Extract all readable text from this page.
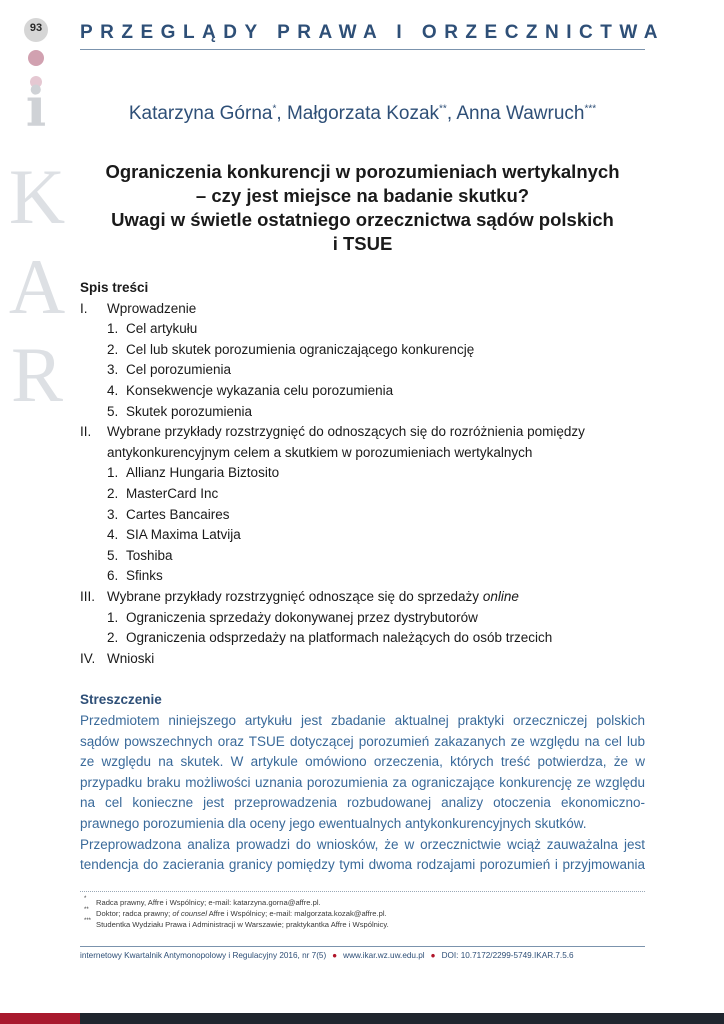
93
i
K
A
R
PRZEGLĄDY PRAWA I ORZECZNICTWA
Katarzyna Górna*, Małgorzata Kozak**, Anna Wawruch***
Ograniczenia konkurencji w porozumieniach wertykalnych
– czy jest miejsce na badanie skutku?
Uwagi w świetle ostatniego orzecznictwa sądów polskich
i TSUE
Spis treści
I. Wprowadzenie
1. Cel artykułu
2. Cel lub skutek porozumienia ograniczającego konkurencję
3. Cel porozumienia
4. Konsekwencje wykazania celu porozumienia
5. Skutek porozumienia
II. Wybrane przykłady rozstrzygnięć do odnoszących się do rozróżnienia pomiędzy
antykonkurencyjnym celem a skutkiem w porozumieniach wertykalnych
1. Allianz Hungaria Biztosito
2. MasterCard Inc
3. Cartes Bancaires
4. SIA Maxima Latvija
5. Toshiba
6. Sfinks
III. Wybrane przykłady rozstrzygnięć odnoszące się do sprzedaży online
1. Ograniczenia sprzedaży dokonywanej przez dystrybutorów
2. Ograniczenia odsprzedaży na platformach należących do osób trzecich
IV. Wnioski
Streszczenie

Przedmiotem niniejszego artykułu jest zbadanie aktualnej praktyki orzeczniczej polskich sądów powszechnych oraz TSUE dotyczącej porozumień zakazanych ze względu na cel lub ze względu na skutek. W artykule omówiono orzeczenia, których treść potwierdza, że w przypadku braku możliwości uznania porozumienia za ograniczające konkurencję ze względu na cel konieczne jest przeprowadzenia rozbudowanej analizy otoczenia ekonomiczno-prawnego porozumienia dla oceny jego ewentualnych antykonkurencyjnych skutków.

Przeprowadzona analiza prowadzi do wniosków, że w orzecznictwie wciąż zauważalna jest tendencja do zacierania granicy pomiędzy tymi dwoma rodzajami porozumień i przyjmowania

* Radca prawny, Affre i Wspólnicy; e-mail: katarzyna.gorna@affre.pl.
** Doktor; radca prawny; of counsel Affre i Wspólnicy; e-mail: malgorzata.kozak@affre.pl.
*** Studentka Wydziału Prawa i Administracji w Warszawie; praktykantka Affre i Wspólnicy.
internetowy Kwartalnik Antymonopolowy i Regulacyjny 2016, nr 7(5) ● www.ikar.wz.uw.edu.pl ● DOI: 10.7172/2299-5749.IKAR.7.5.6
